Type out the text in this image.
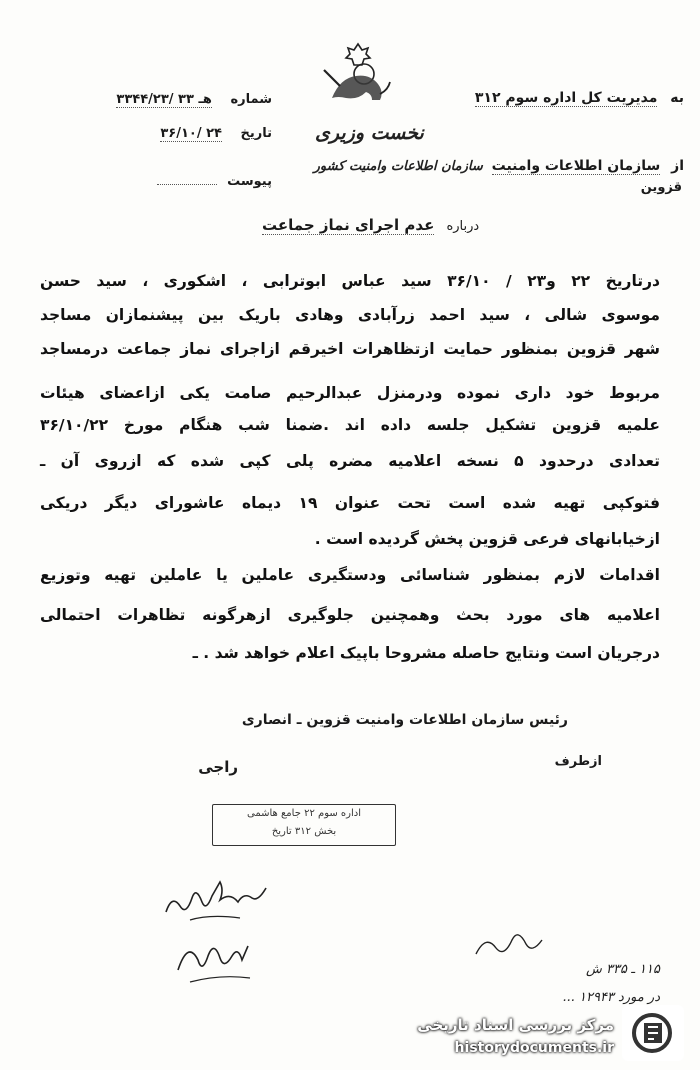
به مدیریت کل اداره سوم ۳۱۲
نخست وزیری
از سازمان اطلاعات وامنیت سازمان اطلاعات وامنیت کشور
قزوین
شماره ۳۳۴۴/۲۳/ ۳۳ هـ
تاریخ ۳۶/۱۰/ ۲۴
پیوست
درباره عدم اجرای نماز جماعت
درتاریخ ۲۲ و۲۳ / ۳۶/۱۰ سید عباس ابوترابی ، اشکوری ، سید حسن
موسوی شالی ، سید احمد زرآبادی وهادی باریک بین پیشنمازان مساجد
شهر قزوین بمنظور حمایت ازتظاهرات اخیرقم ازاجرای نماز جماعت درمساجد
مربوط خود داری نموده ودرمنزل عبدالرحیم صامت یکی ازاعضای هیئات
علمیه قزوین تشکیل جلسه داده اند .ضمنا شب هنگام مورخ ۳۶/۱۰/۲۲
تعدادی درحدود ۵ نسخه اعلامیه مضره پلی کپی شده که ازروی آن ـ
فتوکپی تهیه شده است تحت عنوان ۱۹ دیماه عاشورای دیگر دریکی
ازخیابانهای فرعی قزوین پخش گردیده است .
اقدامات لازم بمنظور شناسائی ودستگیری عاملین یا عاملین تهیه وتوزیع
اعلامیه های مورد بحث وهمچنین جلوگیری ازهرگونه تظاهرات احتمالی
درجریان است ونتایج حاصله مشروحا باپیک اعلام خواهد شد . ـ
رئیس سازمان اطلاعات وامنیت قزوین ـ انصاری
ازطرف
راجی
اداره سوم ۲۲ جامع هاشمی
بخش ۳۱۲ تاریخ
۱۱۵ ـ ۳۳۵ ش
در مورد ۱۲۹۴۳ ...
مرکز بررسی اسناد تاریخی
historydocuments.ir
